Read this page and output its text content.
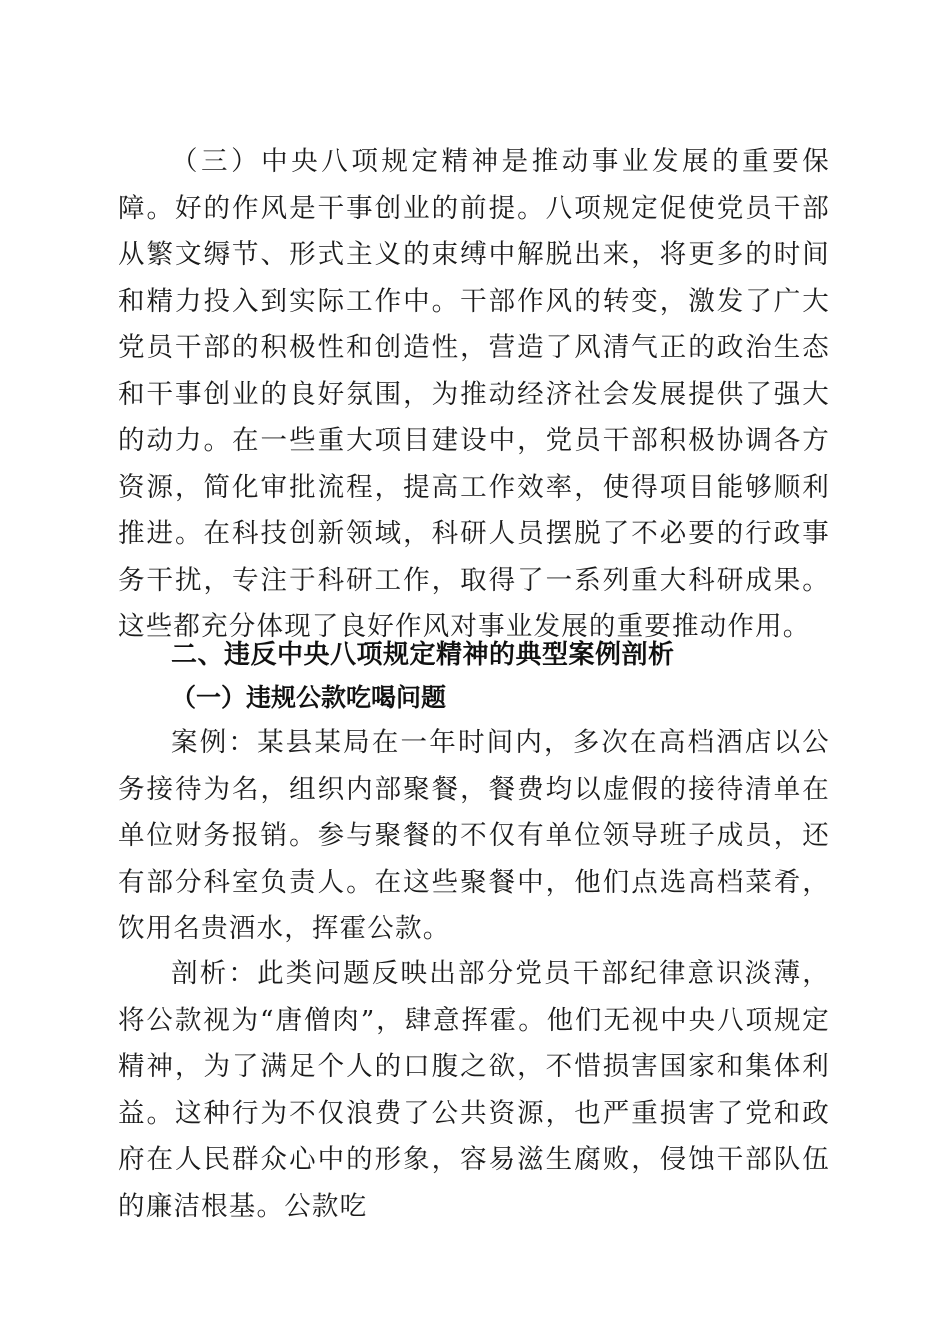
（三）中央八项规定精神是推动事业发展的重要保障。好的作风是干事创业的前提。八项规定促使党员干部从繁文缛节、形式主义的束缚中解脱出来，将更多的时间和精力投入到实际工作中。干部作风的转变，激发了广大党员干部的积极性和创造性，营造了风清气正的政治生态和干事创业的良好氛围，为推动经济社会发展提供了强大的动力。在一些重大项目建设中，党员干部积极协调各方资源，简化审批流程，提高工作效率，使得项目能够顺利推进。在科技创新领域，科研人员摆脱了不必要的行政事务干扰，专注于科研工作，取得了一系列重大科研成果。这些都充分体现了良好作风对事业发展的重要推动作用。

二、违反中央八项规定精神的典型案例剖析
（一）违规公款吃喝问题

案例：某县某局在一年时间内，多次在高档酒店以公务接待为名，组织内部聚餐，餐费均以虚假的接待清单在单位财务报销。参与聚餐的不仅有单位领导班子成员，还有部分科室负责人。在这些聚餐中，他们点选高档菜肴，饮用名贵酒水，挥霍公款。

剖析：此类问题反映出部分党员干部纪律意识淡薄，将公款视为“唐僧肉”，肆意挥霍。他们无视中央八项规定精神，为了满足个人的口腹之欲，不惜损害国家和集体利益。这种行为不仅浪费了公共资源，也严重损害了党和政府在人民群众心中的形象，容易滋生腐败，侵蚀干部队伍的廉洁根基。公款吃
